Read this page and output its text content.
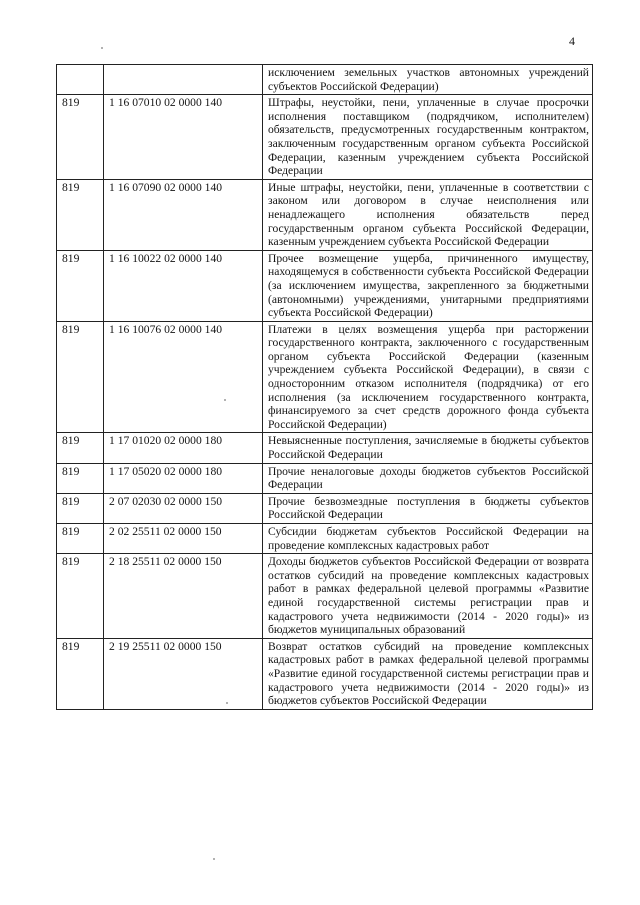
4
		исключением земельных участков автономных учреждений субъектов Российской Федерации)
819	1 16 07010 02 0000 140	Штрафы, неустойки, пени, уплаченные в случае просрочки исполнения поставщиком (подрядчиком, исполнителем) обязательств, предусмотренных государственным контрактом, заключенным государственным органом субъекта Российской Федерации, казенным учреждением субъекта Российской Федерации
819	1 16 07090 02 0000 140	Иные штрафы, неустойки, пени, уплаченные в соответствии с законом или договором в случае неисполнения или ненадлежащего исполнения обязательств перед государственным органом субъекта Российской Федерации, казенным учреждением субъекта Российской Федерации
819	1 16 10022 02 0000 140	Прочее возмещение ущерба, причиненного имуществу, находящемуся в собственности субъекта Российской Федерации (за исключением имущества, закрепленного за бюджетными (автономными) учреждениями, унитарными предприятиями субъекта Российской Федерации)
819	1 16 10076 02 0000 140	Платежи в целях возмещения ущерба при расторжении государственного контракта, заключенного с государственным органом субъекта Российской Федерации (казенным учреждением субъекта Российской Федерации), в связи с односторонним отказом исполнителя (подрядчика) от его исполнения (за исключением государственного контракта, финансируемого за счет средств дорожного фонда субъекта Российской Федерации)
819	1 17 01020 02 0000 180	Невыясненные поступления, зачисляемые в бюджеты субъектов Российской Федерации
819	1 17 05020 02 0000 180	Прочие неналоговые доходы бюджетов субъектов Российской Федерации
819	2 07 02030 02 0000 150	Прочие безвозмездные поступления в бюджеты субъектов Российской Федерации
819	2 02 25511 02 0000 150	Субсидии бюджетам субъектов Российской Федерации на проведение комплексных кадастровых работ
819	2 18 25511 02 0000 150	Доходы бюджетов субъектов Российской Федерации от возврата остатков субсидий на проведение комплексных кадастровых работ в рамках федеральной целевой программы «Развитие единой государственной системы регистрации прав и кадастрового учета недвижимости (2014 - 2020 годы)» из бюджетов муниципальных образований
819	2 19 25511 02 0000 150	Возврат остатков субсидий на проведение комплексных кадастровых работ в рамках федеральной целевой программы «Развитие единой государственной системы регистрации прав и кадастрового учета недвижимости (2014 - 2020 годы)» из бюджетов субъектов Российской Федерации
